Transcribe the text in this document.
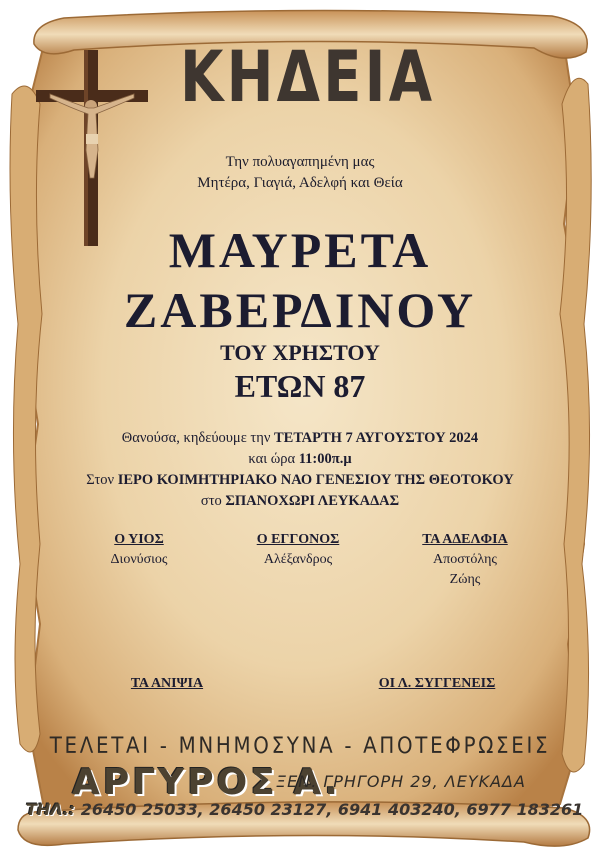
ΚΗΔΕΙΑ
Την πολυαγαπημένη μας
Μητέρα, Γιαγιά, Αδελφή και Θεία
ΜΑΥΡΕΤΑ
ΖΑΒΕΡΔΙΝΟΥ
ΤΟΥ ΧΡΗΣΤΟΥ
ΕΤΩΝ 87
Θανούσα, κηδεύουμε την ΤΕΤΑΡΤΗ 7 ΑΥΓΟΥΣΤΟΥ 2024
και ώρα 11:00π.μ
Στον ΙΕΡΟ ΚΟΙΜΗΤΗΡΙΑΚΟ ΝΑΟ ΓΕΝΕΣΙΟΥ ΤΗΣ ΘΕΟΤΟΚΟΥ
στο ΣΠΑΝΟΧΩΡΙ ΛΕΥΚΑΔΑΣ
Ο ΥΙΟΣ
Διονύσιος
Ο ΕΓΓΟΝΟΣ
Αλέξανδρος
ΤΑ ΑΔΕΛΦΙΑ
Αποστόλης
Ζώης
ΤΑ ΑΝΙΨΙΑ	ΟΙ Λ. ΣΥΓΓΕΝΕΙΣ
ΤΕΛΕΤΑΙ - ΜΝΗΜΟΣΥΝΑ - ΑΠΟΤΕΦΡΩΣΕΙΣ
ΑΡΓΥΡΟΣ Α.
ΞΕΝ. ΓΡΗΓΟΡΗ 29, ΛΕΥΚΑΔΑ
ΤΗΛ.: 26450 25033, 26450 23127, 6941 403240, 6977 183261
